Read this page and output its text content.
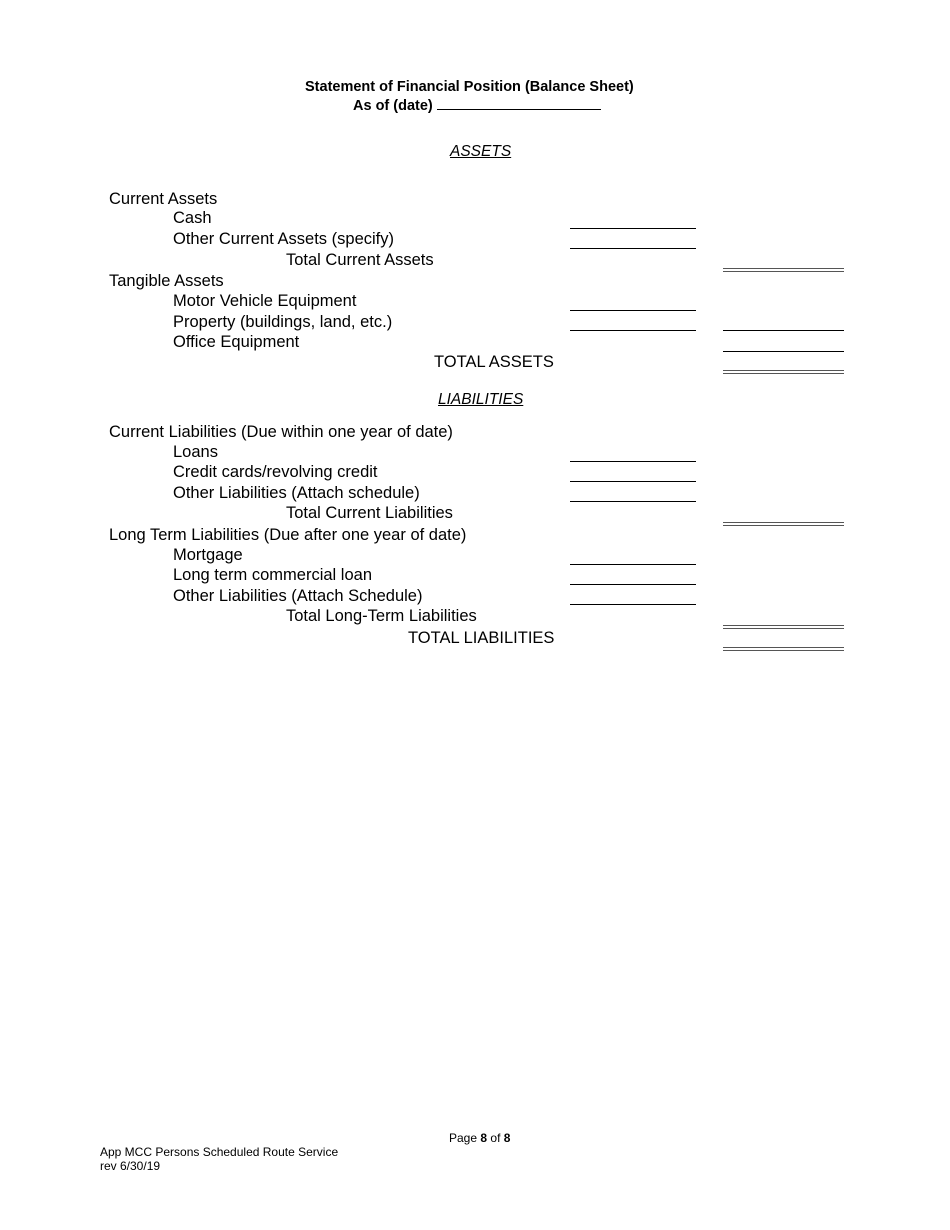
Statement of Financial Position (Balance Sheet)
As of (date)
ASSETS
Current Assets
Cash
Other Current Assets (specify)
Total Current Assets
Tangible Assets
Motor Vehicle Equipment
Property (buildings, land, etc.)
Office Equipment
TOTAL ASSETS
LIABILITIES
Current Liabilities (Due within one year of date)
Loans
Credit cards/revolving credit
Other Liabilities (Attach schedule)
Total Current Liabilities
Long Term Liabilities (Due after one year of date)
Mortgage
Long term commercial loan
Other Liabilities (Attach Schedule)
Total Long-Term Liabilities
TOTAL LIABILITIES
Page 8 of 8
App MCC Persons Scheduled Route Service
rev 6/30/19
